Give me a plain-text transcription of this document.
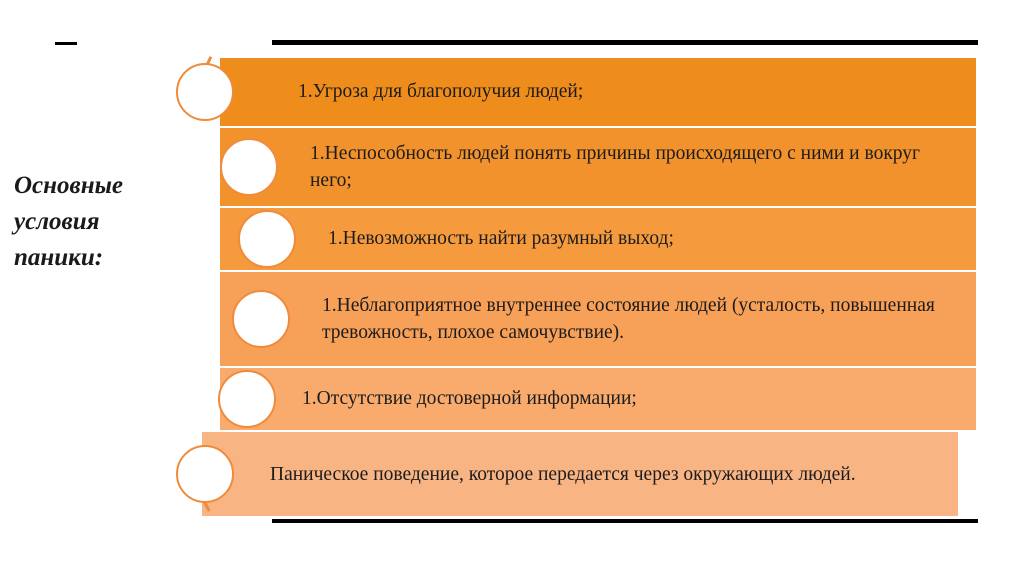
Основные условия паники:
1.Угроза для благополучия людей;
1.Неспособность людей понять причины происходящего с ними и вокруг него;
1.Невозможность найти разумный выход;
1.Неблагоприятное внутреннее состояние людей (усталость, повышенная тревожность, плохое самочувствие).
1.Отсутствие достоверной информации;
Паническое поведение, которое передается через окружающих людей.
